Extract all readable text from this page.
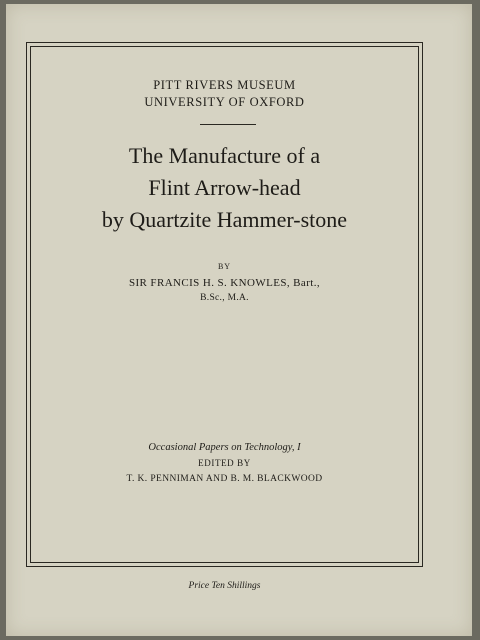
PITT RIVERS MUSEUM
UNIVERSITY OF OXFORD
The Manufacture of a
Flint Arrow-head
by Quartzite Hammer-stone
BY
SIR FRANCIS H. S. KNOWLES, Bart.,
B.Sc., M.A.
Occasional Papers on Technology, I
EDITED BY
T. K. PENNIMAN AND B. M. BLACKWOOD
Price Ten Shillings
